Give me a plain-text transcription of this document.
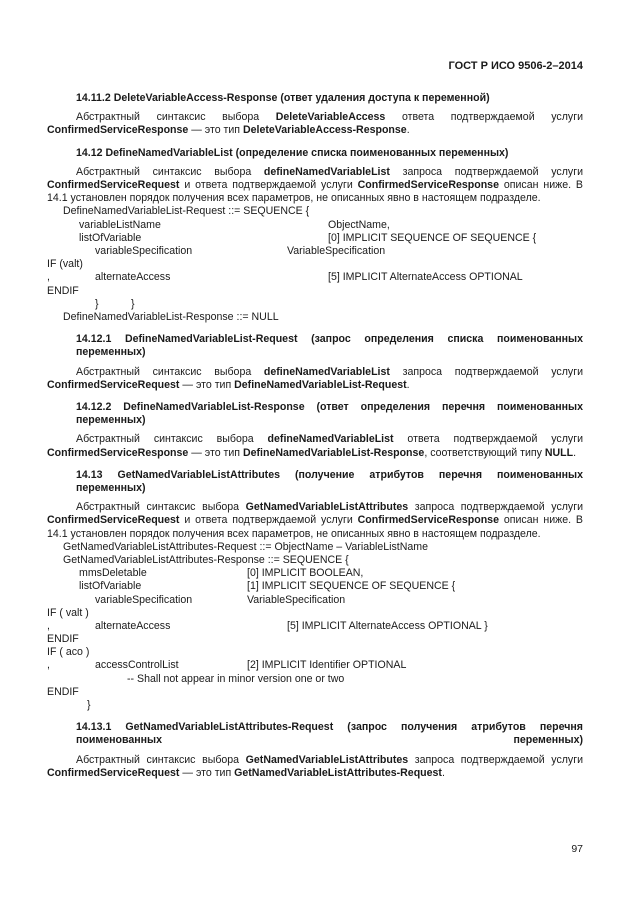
ГОСТ Р ИСО 9506-2–2014
14.11.2 DeleteVariableAccess-Response (ответ удаления доступа к переменной)

Абстрактный синтаксис выбора DeleteVariableAccess ответа подтверждаемой услуги ConfirmedServiceResponse — это тип DeleteVariableAccess-Response.

14.12 DefineNamedVariableList (определение списка поименованных переменных)

Абстрактный синтаксис выбора defineNamedVariableList запроса подтверждаемой услуги ConfirmedServiceRequest и ответа подтверждаемой услуги ConfirmedServiceResponse описан ниже. В 14.1 установлен порядок получения всех параметров, не описанных явно в настоящем подразделе.

DefineNamedVariableList-Request ::= SEQUENCE {
variableListName	ObjectName,
listOfVariable	[0] IMPLICIT SEQUENCE OF SEQUENCE {
variableSpecification	VariableSpecification
IF (valt)
,	alternateAccess	[5] IMPLICIT AlternateAccess OPTIONAL
ENDIF
}	}
DefineNamedVariableList-Response ::= NULL
14.12.1 DefineNamedVariableList-Request (запрос определения списка поименованных переменных)

Абстрактный синтаксис выбора defineNamedVariableList запроса подтверждаемой услуги ConfirmedServiceRequest — это тип DefineNamedVariableList-Request.

14.12.2 DefineNamedVariableList-Response (ответ определения перечня поименованных переменных)

Абстрактный синтаксис выбора defineNamedVariableList ответа подтверждаемой услуги ConfirmedServiceResponse — это тип DefineNamedVariableList-Response, соответствующий типу NULL.

14.13 GetNamedVariableListAttributes (получение атрибутов перечня поименованных переменных)

Абстрактный синтаксис выбора GetNamedVariableListAttributes запроса подтверждаемой услуги ConfirmedServiceRequest и ответа подтверждаемой услуги ConfirmedServiceResponse описан ниже. В 14.1 установлен порядок получения всех параметров, не описанных явно в настоящем подразделе.

GetNamedVariableListAttributes-Request ::= ObjectName – VariableListName
GetNamedVariableListAttributes-Response ::= SEQUENCE {
mmsDeletable	[0] IMPLICIT BOOLEAN,
listOfVariable	[1] IMPLICIT SEQUENCE OF SEQUENCE {
variableSpecification	VariableSpecification
IF ( valt )
,	alternateAccess	[5] IMPLICIT AlternateAccess OPTIONAL }
ENDIF
IF ( aco )
,	accessControlList	[2] IMPLICIT Identifier OPTIONAL
-- Shall not appear in minor version one or two
ENDIF
}
14.13.1 GetNamedVariableListAttributes-Request (запрос получения атрибутов перечня поименованных переменных)

Абстрактный синтаксис выбора GetNamedVariableListAttributes запроса подтверждаемой услуги ConfirmedServiceRequest — это тип GetNamedVariableListAttributes-Request.

97
